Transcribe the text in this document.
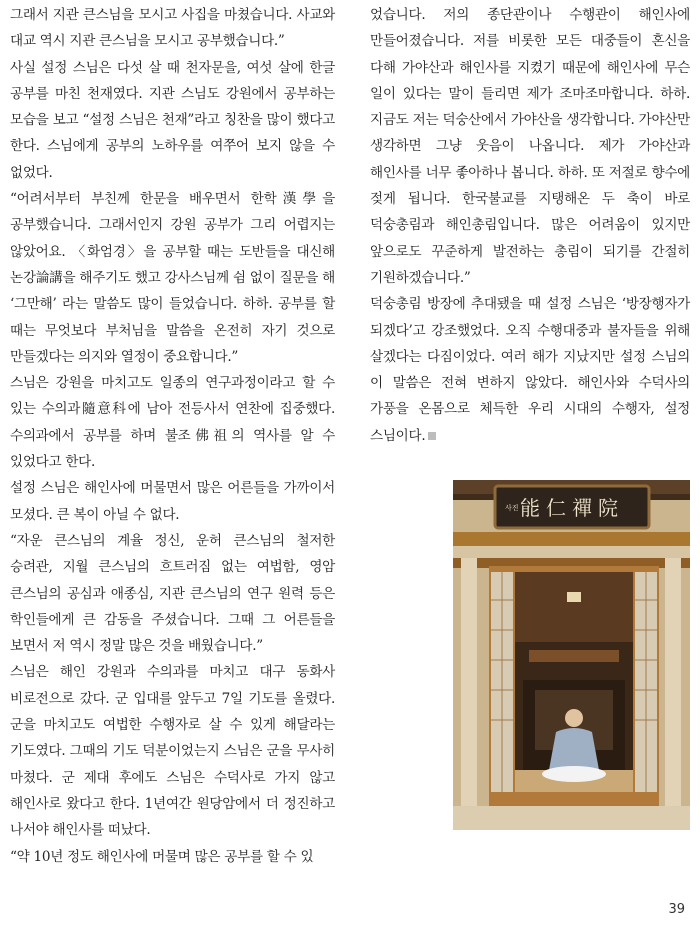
그래서 지관 큰스님을 모시고 사집을 마쳤습니다. 사교와 대교 역시 지관 큰스님을 모시고 공부했습니다.”

사실 설정 스님은 다섯 살 때 천자문을, 여섯 살에 한글 공부를 마친 천재였다. 지관 스님도 강원에서 공부하는 모습을 보고 “설정 스님은 천재”라고 칭찬을 많이 했다고 한다. 스님에게 공부의 노하우를 여쭈어 보지 않을 수 없었다.

“어려서부터 부친께 한문을 배우면서 한학漢學을 공부했습니다. 그래서인지 강원 공부가 그리 어렵지는 않았어요. 〈화엄경〉을 공부할 때는 도반들을 대신해 논강論講을 해주기도 했고 강사스님께 쉼 없이 질문을 해 ‘그만해’ 라는 말씀도 많이 들었습니다. 하하. 공부를 할 때는 무엇보다 부처님을 말씀을 온전히 자기 것으로 만들겠다는 의지와 열정이 중요합니다.”

스님은 강원을 마치고도 일종의 연구과정이라고 할 수 있는 수의과隨意科에 남아 전등사서 연찬에 집중했다. 수의과에서 공부를 하며 불조佛祖의 역사를 알 수 있었다고 한다.

설정 스님은 해인사에 머물면서 많은 어른들을 가까이서 모셨다. 큰 복이 아닐 수 없다.

“자운 큰스님의 계율 정신, 운허 큰스님의 철저한 승려관, 지월 큰스님의 흐트러짐 없는 여법함, 영암 큰스님의 공심과 애종심, 지관 큰스님의 연구 원력 등은 학인들에게 큰 감동을 주셨습니다. 그때 그 어른들을 보면서 저 역시 정말 많은 것을 배웠습니다.”

스님은 해인 강원과 수의과를 마치고 대구 동화사 비로전으로 갔다. 군 입대를 앞두고 7일 기도를 올렸다. 군을 마치고도 여법한 수행자로 살 수 있게 해달라는 기도였다. 그때의 기도 덕분이었는지 스님은 군을 무사히 마쳤다. 군 제대 후에도 스님은 수덕사로 가지 않고 해인사로 왔다고 한다. 1년여간 원당암에서 더 정진하고 나서야 해인사를 떠났다.

“약 10년 정도 해인사에 머물며 많은 공부를 할 수 있

었습니다. 저의 종단관이나 수행관이 해인사에 만들어졌습니다. 저를 비롯한 모든 대중들이 혼신을 다해 가야산과 해인사를 지켰기 때문에 해인사에 무슨 일이 있다는 말이 들리면 제가 조마조마합니다. 하하. 지금도 저는 덕숭산에서 가야산을 생각합니다. 가야산만 생각하면 그냥 웃음이 나옵니다. 제가 가야산과 해인사를 너무 좋아하나 봅니다. 하하. 또 저절로 향수에 젖게 됩니다. 한국불교를 지탱해온 두 축이 바로 덕숭총림과 해인총림입니다. 많은 어려움이 있지만 앞으로도 꾸준하게 발전하는 총림이 되기를 간절히 기원하겠습니다.”

덕숭총림 방장에 추대됐을 때 설정 스님은 ‘방장행자가 되겠다’고 강조했었다. 오직 수행대중과 불자들을 위해 살겠다는 다짐이었다. 여러 해가 지났지만 설정 스님의 이 말씀은 전혀 변하지 않았다. 해인사와 수덕사의 가풍을 온몸으로 체득한 우리 시대의 수행자, 설정 스님이다.

能仁禪院
사진
39
